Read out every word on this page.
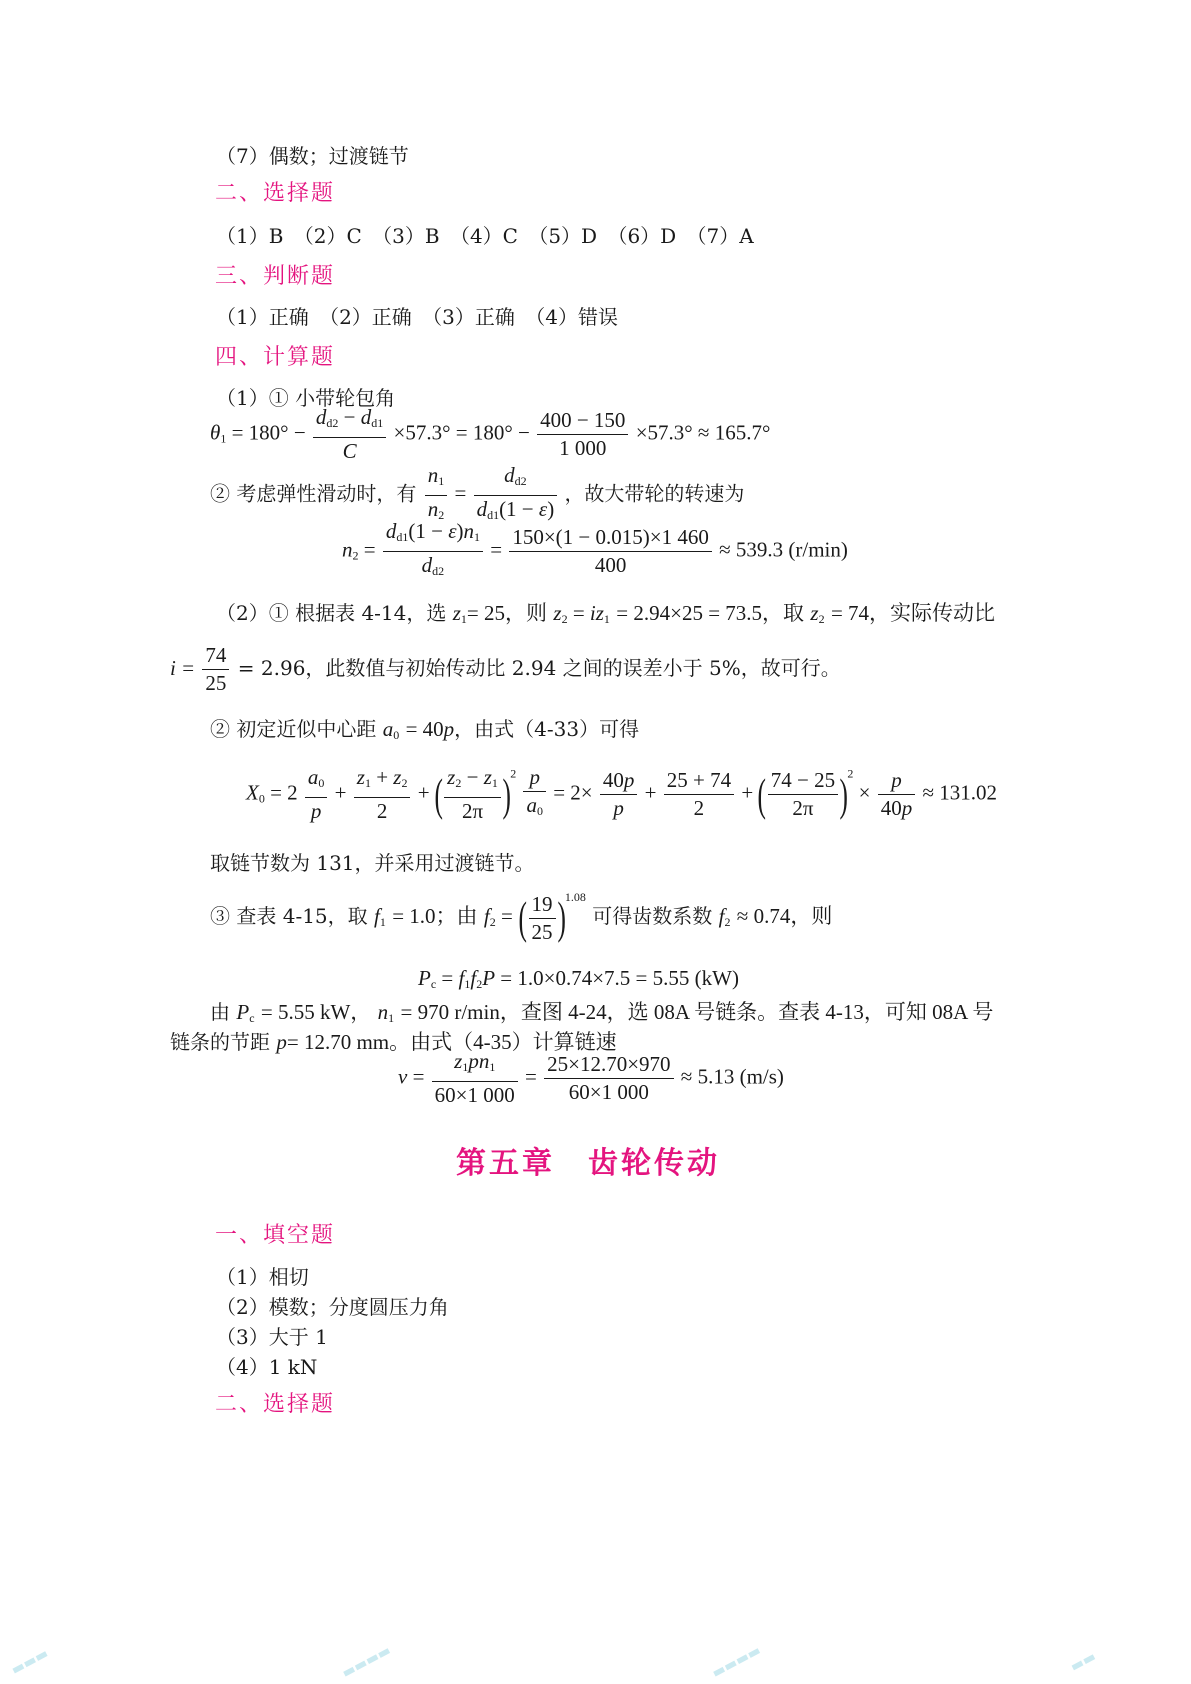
（7）偶数；过渡链节
二、选择题
（1）B （2）C （3）B （4）C （5）D （6）D （7）A
三、判断题
（1）正确 （2）正确 （3）正确 （4）错误
四、计算题
（1）① 小带轮包角
$\theta_1 = 180^\circ - \frac{d_{d2} - d_{d1}}{C} \times 57.3^\circ = 180^\circ - \frac{400 - 150}{1 000} \times 57.3^\circ \approx 165.7^\circ$
② 考虑弹性滑动时，有 $\frac{n_1}{n_2} = \frac{d_{d2}}{d_{d1}(1 - \varepsilon)}$ ，故大带轮的转速为
$n_2 = \frac{d_{d1}(1 - \varepsilon)n_1}{d_{d2}} = \frac{150\times(1 - 0.015)\times 1 460}{400} \approx 539.3$ (r/min)
（2）① 根据表 4-14，选 $z_1= 25$，则 $z_2 = iz_1 = 2.94\times 25 = 73.5$，取 $z_2 = 74$，实际传动比
$i = \frac{74}{25} = 2.96$，此数值与初始传动比 2.94 之间的误差小于 5%，故可行。
② 初定近似中心距 $a_0 = 40p$，由式（4-33）可得
$X_0 = 2 \frac{a_0}{p} + \frac{z_1 + z_2}{2}$ + ( $\frac{z_2 - z_1}{2\pi} )^2 \frac{p}{a_0} = 2\times \frac{40p}{p} + \frac{25 + 74}{2}$ + ( $\frac{74 - 25}{2\pi} )^2 \times \frac{p}{40p} \approx 131.02$
取链节数为 131，并采用过渡链节。
③ 查表 4-15，取 $f_1 = 1.0$；由 $f_2$ = ( $\frac{19}{25} )^{1.08}$ 可得齿数系数 $f_2 \approx 0.74$，则
$P_c = f_1f_2P = 1.0\times 0.74\times 7.5 = 5.55$ (kW)
由 $P_c = 5.55$ kW， $n_1 = 970$ r/min，查图 4-24，选 08A 号链条。查表 4-13，可知 08A 号
链条的节距 p= 12.70 mm。由式（4-35）计算链速
$v = \frac{z_1pn_1}{60\times 1 000} = \frac{25\times 12.70\times 970}{60\times 1 000} \approx 5.13$ (m/s)
第五章　齿轮传动
一、填空题
（1）相切
（2）模数；分度圆压力角
（3）大于 1
（4）1 kN
二、选择题
▬▬▬	▬▬▬▬	▬▬▬▬	▬▬
